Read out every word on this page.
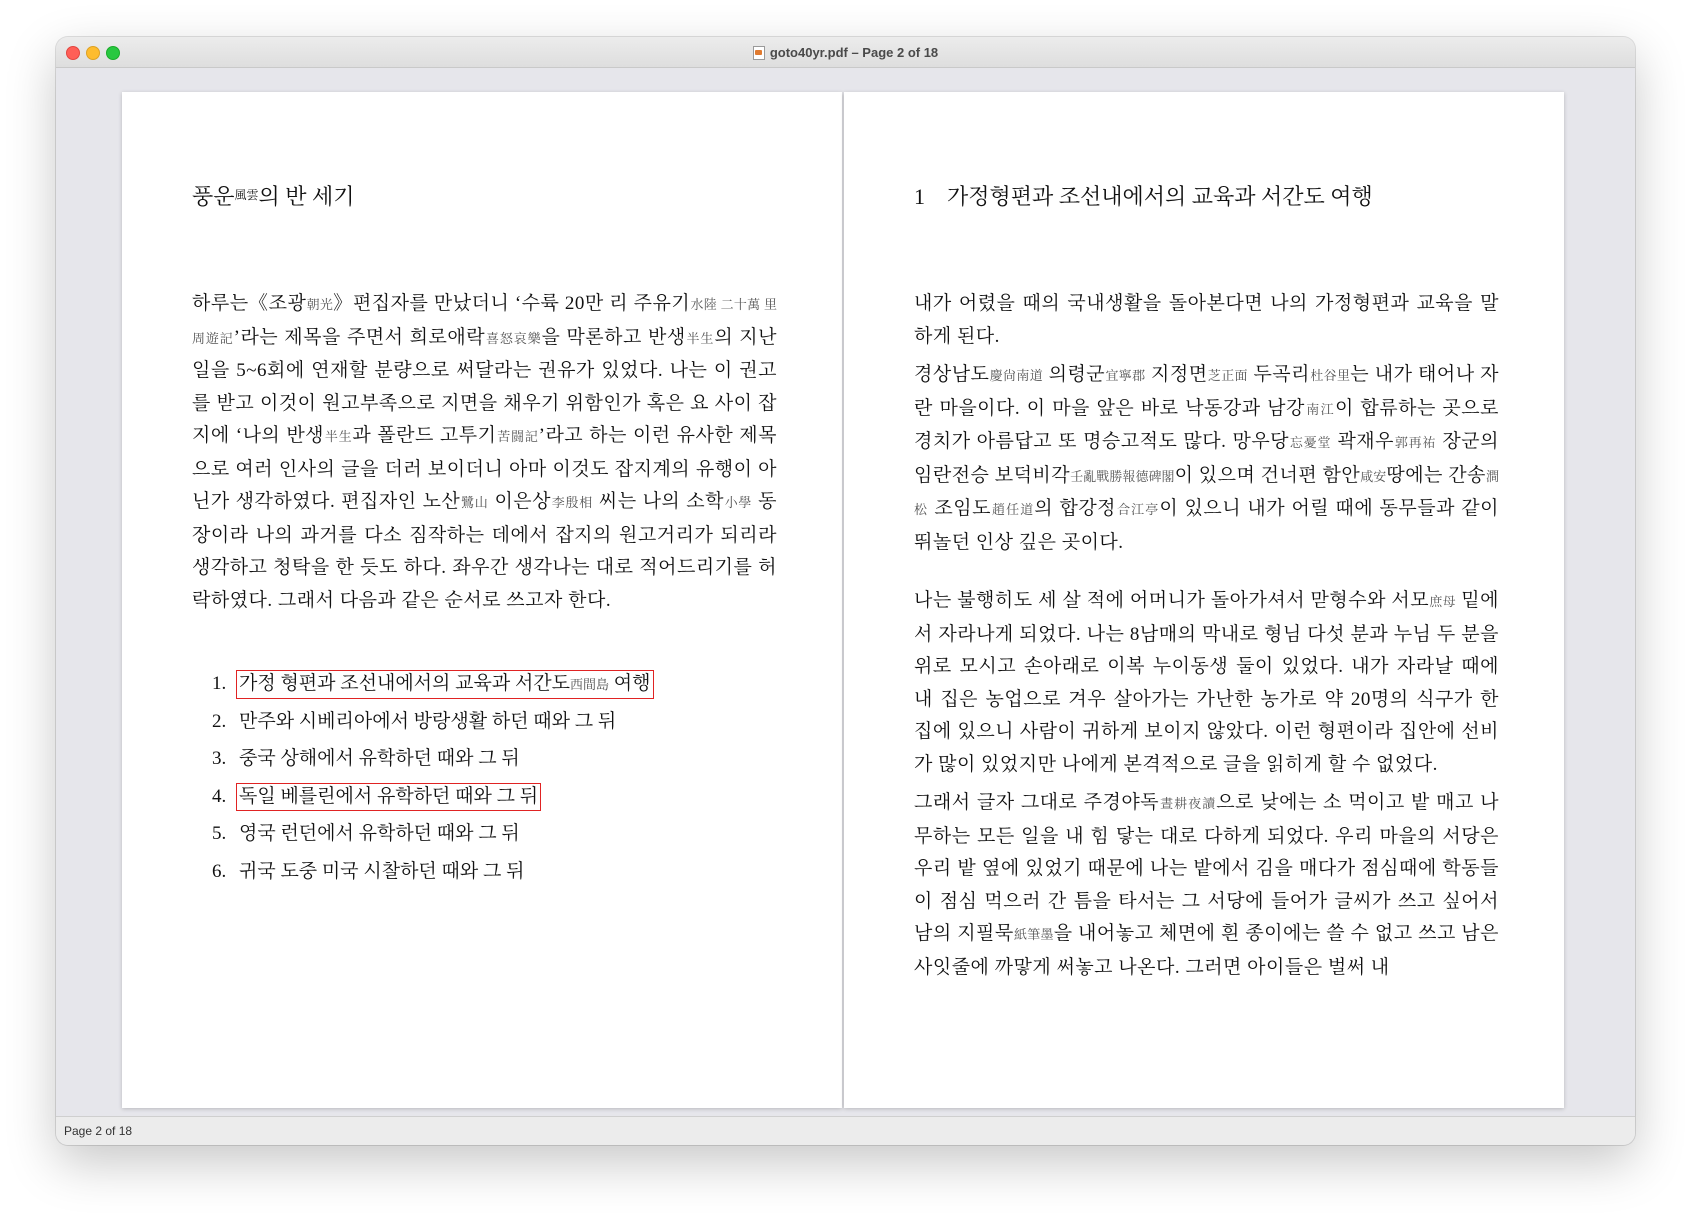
goto40yr.pdf – Page 2 of 18
풍운$^{風雲}$의 반 세기

하루는《조광朝光》편집자를 만났더니 ‘수륙 20만 리 주유기水陸 二十萬 里 周遊記’라는 제목을 주면서 희로애락喜怒哀樂을 막론하고 반생半生의 지난 일을 5~6회에 연재할 분량으로 써달라는 권유가 있었다. 나는 이 권고를 받고 이것이 원고부족으로 지면을 채우기 위함인가 혹은 요 사이 잡지에 ‘나의 반생半生과 폴란드 고투기苦闘記’라고 하는 이런 유사한 제목으로 여러 인사의 글을 더러 보이더니 아마 이것도 잡지계의 유행이 아닌가 생각하였다. 편집자인 노산鷺山 이은상李殷相 씨는 나의 소학小學 동장이라 나의 과거를 다소 짐작하는 데에서 잡지의 원고거리가 되리라 생각하고 청탁을 한 듯도 하다. 좌우간 생각나는 대로 적어드리기를 허락하였다. 그래서 다음과 같은 순서로 쓰고자 한다.

1. 가정 형편과 조선내에서의 교육과 서간도西間島 여행
2. 만주와 시베리아에서 방랑생활 하던 때와 그 뒤
3. 중국 상해에서 유학하던 때와 그 뒤
4. 독일 베를린에서 유학하던 때와 그 뒤
5. 영국 런던에서 유학하던 때와 그 뒤
6. 귀국 도중 미국 시찰하던 때와 그 뒤
1　가정형편과 조선내에서의 교육과 서간도 여행

내가 어렸을 때의 국내생활을 돌아본다면 나의 가정형편과 교육을 말하게 된다.

경상남도慶尙南道 의령군宜寧郡 지정면芝正面 두곡리杜谷里는 내가 태어나 자란 마을이다. 이 마을 앞은 바로 낙동강과 남강南江이 합류하는 곳으로 경치가 아름답고 또 명승고적도 많다. 망우당忘憂堂 곽재우郭再祐 장군의 임란전승 보덕비각壬亂戰勝報德碑閣이 있으며 건너편 함안咸安땅에는 간송澗松 조임도趙任道의 합강정合江亭이 있으니 내가 어릴 때에 동무들과 같이 뛰놀던 인상 깊은 곳이다.

나는 불행히도 세 살 적에 어머니가 돌아가셔서 맏형수와 서모庶母 밑에서 자라나게 되었다. 나는 8남매의 막내로 형님 다섯 분과 누님 두 분을 위로 모시고 손아래로 이복 누이동생 둘이 있었다. 내가 자라날 때에 내 집은 농업으로 겨우 살아가는 가난한 농가로 약 20명의 식구가 한 집에 있으니 사람이 귀하게 보이지 않았다. 이런 형편이라 집안에 선비가 많이 있었지만 나에게 본격적으로 글을 읽히게 할 수 없었다.

그래서 글자 그대로 주경야독晝耕夜讀으로 낮에는 소 먹이고 밭 매고 나무하는 모든 일을 내 힘 닿는 대로 다하게 되었다. 우리 마을의 서당은 우리 밭 옆에 있었기 때문에 나는 밭에서 김을 매다가 점심때에 학동들이 점심 먹으러 간 틈을 타서는 그 서당에 들어가 글씨가 쓰고 싶어서 남의 지필묵紙筆墨을 내어놓고 체면에 흰 종이에는 쓸 수 없고 쓰고 남은 사잇줄에 까맣게 써놓고 나온다. 그러면 아이들은 벌써 내

Page 2 of 18
